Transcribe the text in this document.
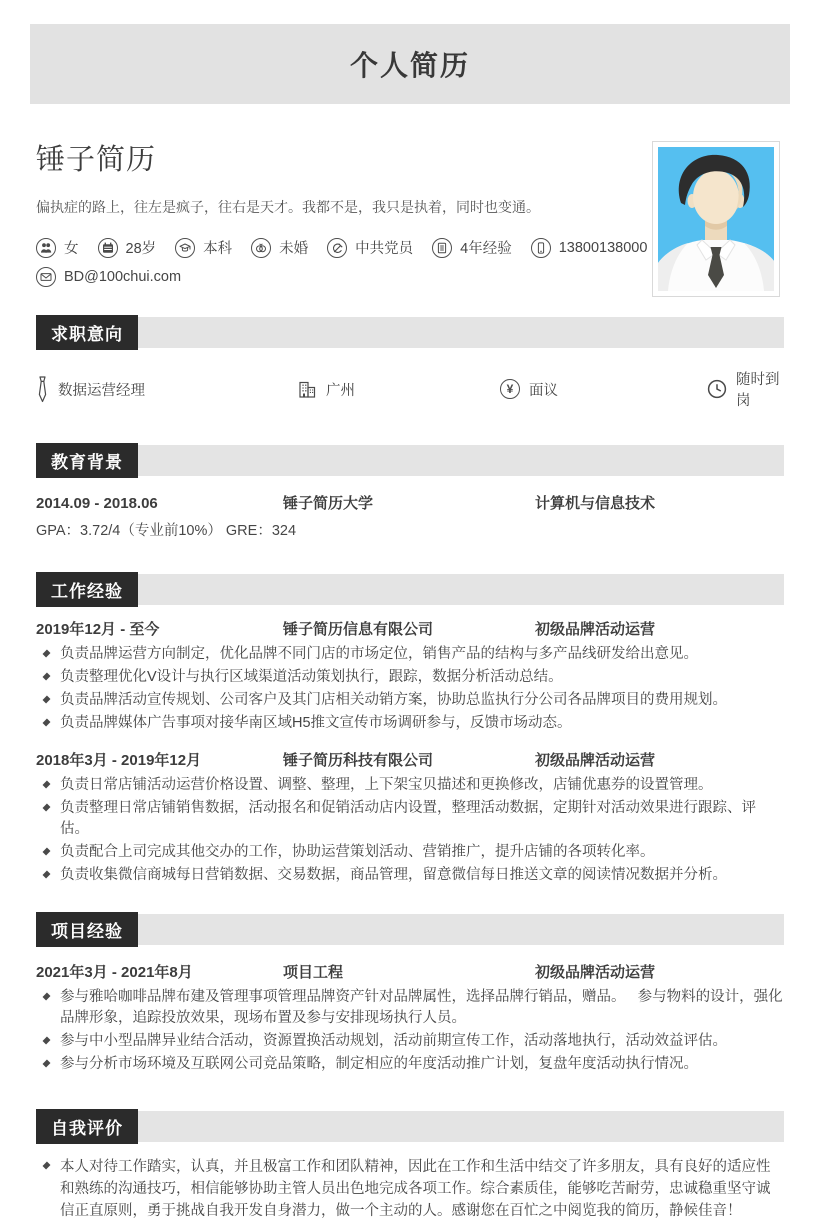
个人简历
锤子简历
偏执症的路上，往左是疯子，往右是天才。我都不是，我只是执着，同时也变通。
女	28岁	本科	未婚	中共党员	4年经验	13800138000
BD@100chui.com
求职意向
数据运营经理	广州	¥	面议
随时到岗
教育背景
2014.09 - 2018.06	锤子简历大学	计算机与信息技术
GPA：3.72/4（专业前10%） GRE：324
工作经验
2019年12月 - 至今	锤子简历信息有限公司	初级品牌活动运营
负责品牌运营方向制定，优化品牌不同门店的市场定位，销售产品的结构与多产品线研发给出意见。
负责整理优化V设计与执行区域渠道活动策划执行，跟踪，数据分析活动总结。
负责品牌活动宣传规划、公司客户及其门店相关动销方案，协助总监执行分公司各品牌项目的费用规划。
负责品牌媒体广告事项对接华南区域H5推文宣传市场调研参与，反馈市场动态。
2018年3月 - 2019年12月	锤子简历科技有限公司	初级品牌活动运营
负责日常店铺活动运营价格设置、调整、整理，上下架宝贝描述和更换修改，店铺优惠券的设置管理。
负责整理日常店铺销售数据，活动报名和促销活动店内设置，整理活动数据，定期针对活动效果进行跟踪、评估。
负责配合上司完成其他交办的工作，协助运营策划活动、营销推广，提升店铺的各项转化率。
负责收集微信商城每日营销数据、交易数据，商品管理，留意微信每日推送文章的阅读情况数据并分析。
项目经验
2021年3月 - 2021年8月	项目工程	初级品牌活动运营
参与雅哈咖啡品牌布建及管理事项管理品牌资产针对品牌属性，选择品牌行销品，赠品。   参与物料的设计，强化品牌形象，追踪投放效果，现场布置及参与安排现场执行人员。
参与中小型品牌异业结合活动，资源置换活动规划，活动前期宣传工作，活动落地执行，活动效益评估。
参与分析市场环境及互联网公司竞品策略，制定相应的年度活动推广计划，复盘年度活动执行情况。
自我评价
本人对待工作踏实，认真，并且极富工作和团队精神，因此在工作和生活中结交了许多朋友，具有良好的适应性和熟练的沟通技巧，相信能够协助主管人员出色地完成各项工作。综合素质佳，能够吃苦耐劳，忠诚稳重坚守诚信正直原则，勇于挑战自我开发自身潜力，做一个主动的人。感谢您在百忙之中阅览我的简历，静候佳音！
